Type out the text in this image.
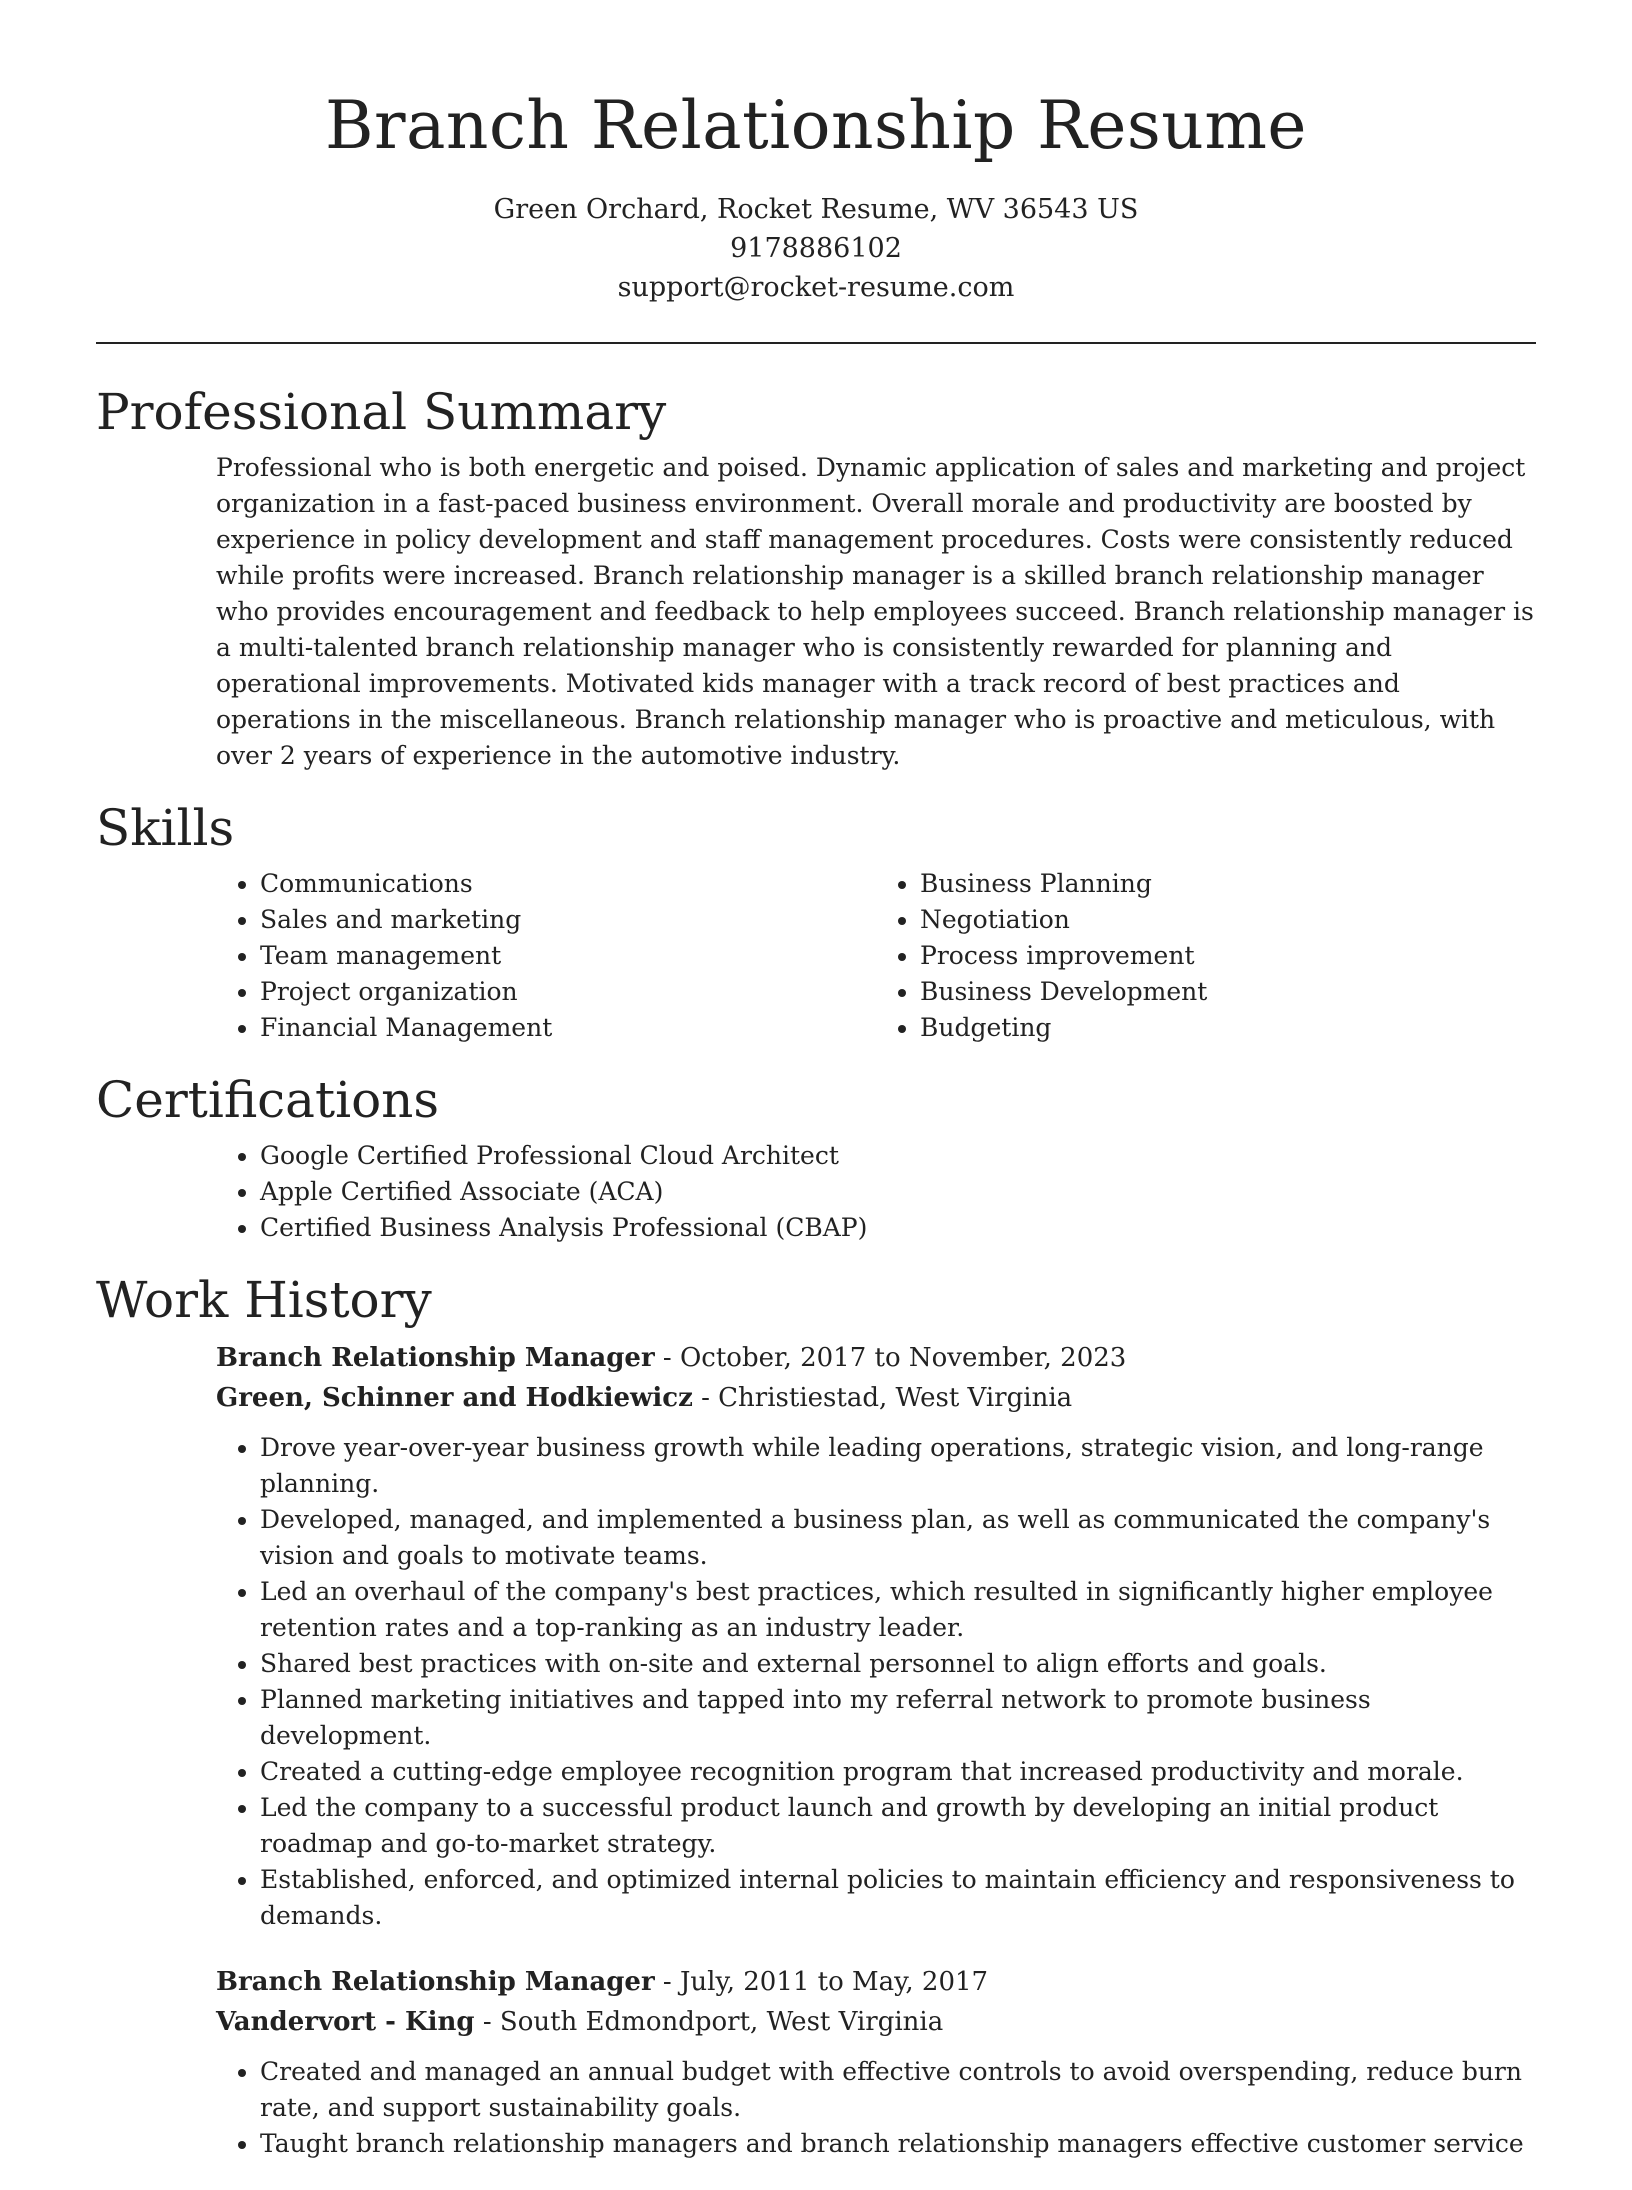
Branch Relationship Resume
Green Orchard, Rocket Resume, WV 36543 US
9178886102
support@rocket-resume.com
Professional Summary

Professional who is both energetic and poised. Dynamic application of sales and marketing and project organization in a fast-paced business environment. Overall morale and productivity are boosted by experience in policy development and staff management procedures. Costs were consistently reduced while profits were increased. Branch relationship manager is a skilled branch relationship manager who provides encouragement and feedback to help employees succeed. Branch relationship manager is a multi-talented branch relationship manager who is consistently rewarded for planning and operational improvements. Motivated kids manager with a track record of best practices and operations in the miscellaneous. Branch relationship manager who is proactive and meticulous, with over 2 years of experience in the automotive industry.

Skills
• Communications
• Sales and marketing
• Team management
• Project organization
• Financial Management
• Business Planning
• Negotiation
• Process improvement
• Business Development
• Budgeting
Certifications
• Google Certified Professional Cloud Architect
• Apple Certified Associate (ACA)
• Certified Business Analysis Professional (CBAP)
Work History
Branch Relationship Manager - October, 2017 to November, 2023
Green, Schinner and Hodkiewicz - Christiestad, West Virginia
• Drove year-over-year business growth while leading operations, strategic vision, and long-range planning.
• Developed, managed, and implemented a business plan, as well as communicated the company's vision and goals to motivate teams.
• Led an overhaul of the company's best practices, which resulted in significantly higher employee retention rates and a top-ranking as an industry leader.
• Shared best practices with on-site and external personnel to align efforts and goals.
• Planned marketing initiatives and tapped into my referral network to promote business development.
• Created a cutting-edge employee recognition program that increased productivity and morale.
• Led the company to a successful product launch and growth by developing an initial product roadmap and go-to-market strategy.
• Established, enforced, and optimized internal policies to maintain efficiency and responsiveness to demands.
Branch Relationship Manager - July, 2011 to May, 2017
Vandervort - King - South Edmondport, West Virginia
• Created and managed an annual budget with effective controls to avoid overspending, reduce burn rate, and support sustainability goals.
• Taught branch relationship managers and branch relationship managers effective customer service
